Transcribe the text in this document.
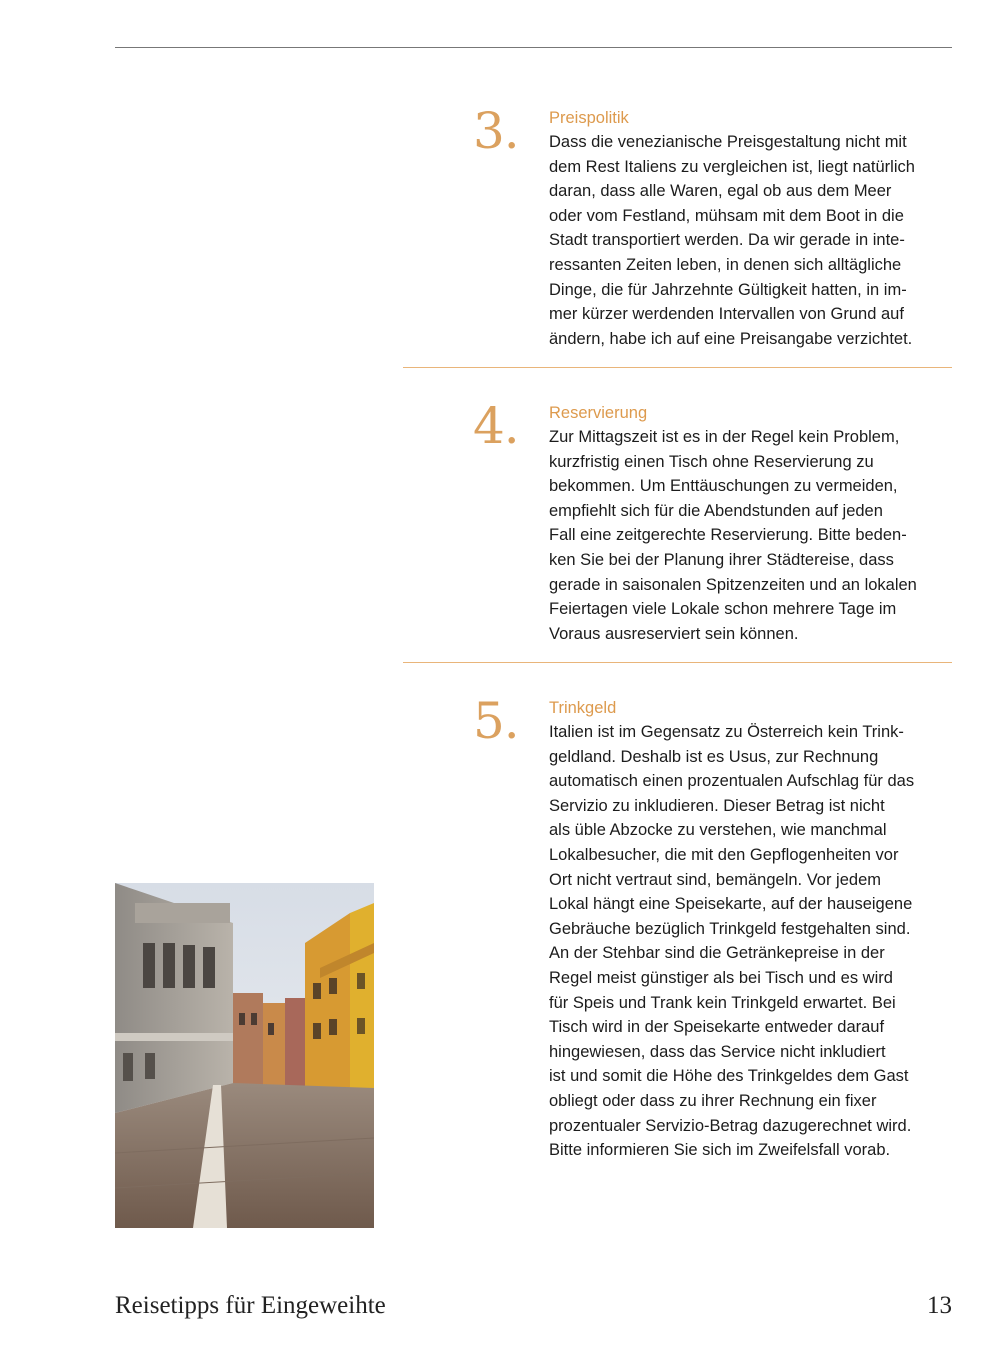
3. Preispolitik
Dass die venezianische Preisgestaltung nicht mit
dem Rest Italiens zu vergleichen ist, liegt natürlich
daran, dass alle Waren, egal ob aus dem Meer
oder vom Festland, mühsam mit dem Boot in die
Stadt transportiert werden. Da wir gerade in inte-
ressanten Zeiten leben, in denen sich alltägliche
Dinge, die für Jahrzehnte Gültigkeit hatten, in im-
mer kürzer werdenden Intervallen von Grund auf
ändern, habe ich auf eine Preisangabe verzichtet.
4. Reservierung
Zur Mittagszeit ist es in der Regel kein Problem,
kurzfristig einen Tisch ohne Reservierung zu
bekommen. Um Enttäuschungen zu vermeiden,
empfiehlt sich für die Abendstunden auf jeden
Fall eine zeitgerechte Reservierung. Bitte beden-
ken Sie bei der Planung ihrer Städtereise, dass
gerade in saisonalen Spitzenzeiten und an lokalen
Feiertagen viele Lokale schon mehrere Tage im
Voraus ausreserviert sein können.
5. Trinkgeld
Italien ist im Gegensatz zu Österreich kein Trink-
geldland. Deshalb ist es Usus, zur Rechnung
automatisch einen prozentualen Aufschlag für das
Servizio zu inkludieren. Dieser Betrag ist nicht
als üble Abzocke zu verstehen, wie manchmal
Lokalbesucher, die mit den Gepflogenheiten vor
Ort nicht vertraut sind, bemängeln. Vor jedem
Lokal hängt eine Speisekarte, auf der hauseigene
Gebräuche bezüglich Trinkgeld festgehalten sind.
An der Stehbar sind die Getränkepreise in der
Regel meist günstiger als bei Tisch und es wird
für Speis und Trank kein Trinkgeld erwartet. Bei
Tisch wird in der Speisekarte entweder darauf
hingewiesen, dass das Service nicht inkludiert
ist und somit die Höhe des Trinkgeldes dem Gast
obliegt oder dass zu ihrer Rechnung ein fixer
prozentualer Servizio-Betrag dazugerechnet wird.
Bitte informieren Sie sich im Zweifelsfall vorab.
Reisetipps für Eingeweihte	13
